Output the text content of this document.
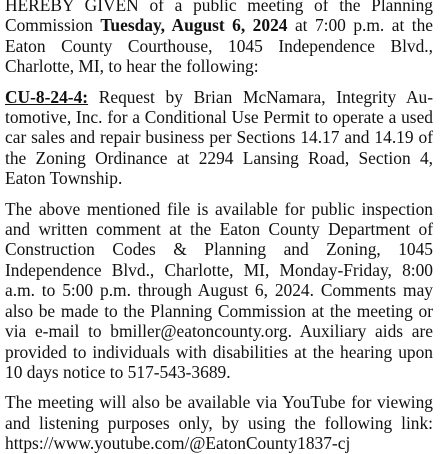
HEREBY GIVEN of a public meeting of the Planning Commission Tuesday, August 6, 2024 at 7:00 p.m. at the Eaton County Courthouse, 1045 Independence Blvd., Charlotte, MI, to hear the following:

CU-8-24-4: Request by Brian McNamara, Integrity Automotive, Inc. for a Conditional Use Permit to operate a used car sales and repair business per Sections 14.17 and 14.19 of the Zoning Ordinance at 2294 Lansing Road, Section 4, Eaton Township.

The above mentioned file is available for public inspection and written comment at the Eaton County Department of Construction Codes & Planning and Zoning, 1045 Independence Blvd., Charlotte, MI, Monday-Friday, 8:00 a.m. to 5:00 p.m. through August 6, 2024. Comments may also be made to the Planning Commission at the meeting or via e-mail to bmiller@eatoncounty.org. Auxiliary aids are provided to individuals with disabilities at the hearing upon 10 days notice to 517-543-3689.

The meeting will also be available via YouTube for viewing and listening purposes only, by using the following link: https://www.youtube.com/@EatonCounty1837-cj
